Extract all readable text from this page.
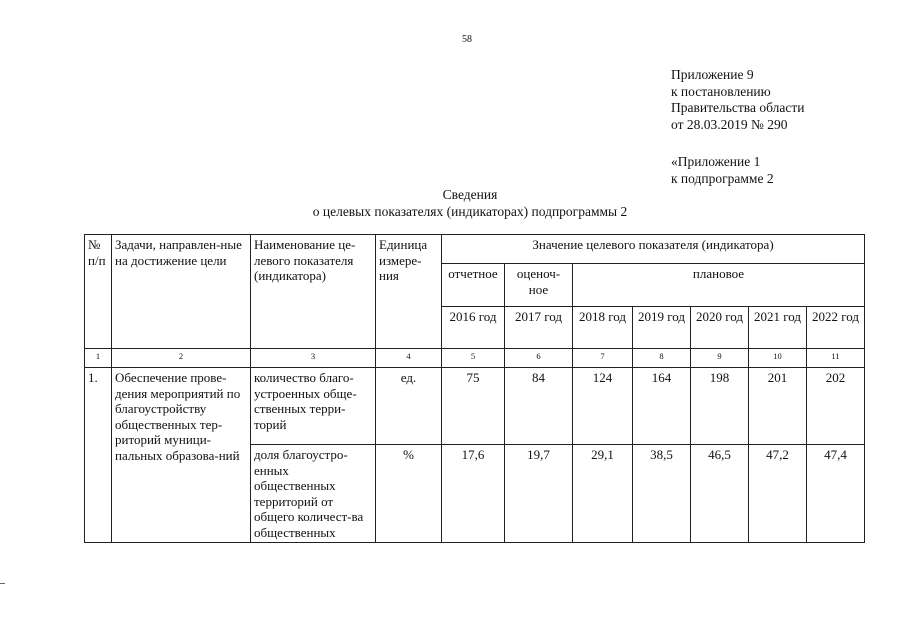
58
Приложение 9
к постановлению
Правительства области
от 28.03.2019 № 290
«Приложение 1
к подпрограмме 2
Сведения
о целевых показателях (индикаторах) подпрограммы 2
№ п/п	Задачи, направлен-ные на достижение цели	Наименование це-левого показателя (индикатора)	Единица измере-ния	Значение целевого показателя (индикатора)						
				отчетное	оценоч-ное	плановое				
				2016 год	2017 год	2018 год	2019 год	2020 год	2021 год	2022 год
1	2	3	4	5	6	7	8	9	10	11
1.	Обеспечение прове-дения мероприятий по благоустройству общественных тер-риторий муници-пальных образова-ний	количество благо-устроенных обще-ственных терри-торий	ед.	75	84	124	164	198	201	202
		доля благоустро-енных общественных территорий от общего количест-ва общественных	%	17,6	19,7	29,1	38,5	46,5	47,2	47,4
